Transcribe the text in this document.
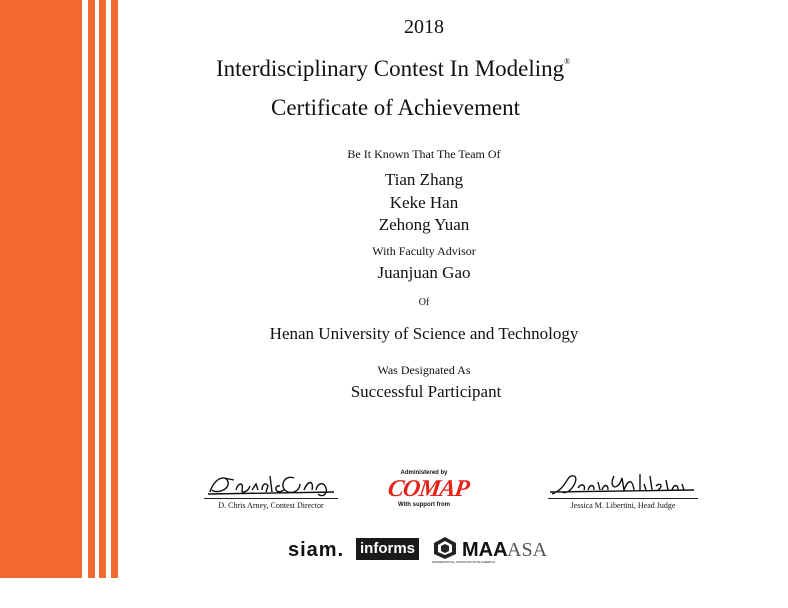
2018
Interdisciplinary Contest In Modeling®
Certificate of Achievement
Be It Known That The Team Of
Tian Zhang
Keke Han
Zehong Yuan
With Faculty Advisor
Juanjuan Gao
Of
Henan University of Science and Technology
Was Designated As
Successful Participant
D. Chris Arney, Contest Director
Administered by
COMAP
With support from	Jessica M. Libertini, Head Judge
siam. informs MAA
MATHEMATICAL ASSOCIATION OF AMERICA
ASA
